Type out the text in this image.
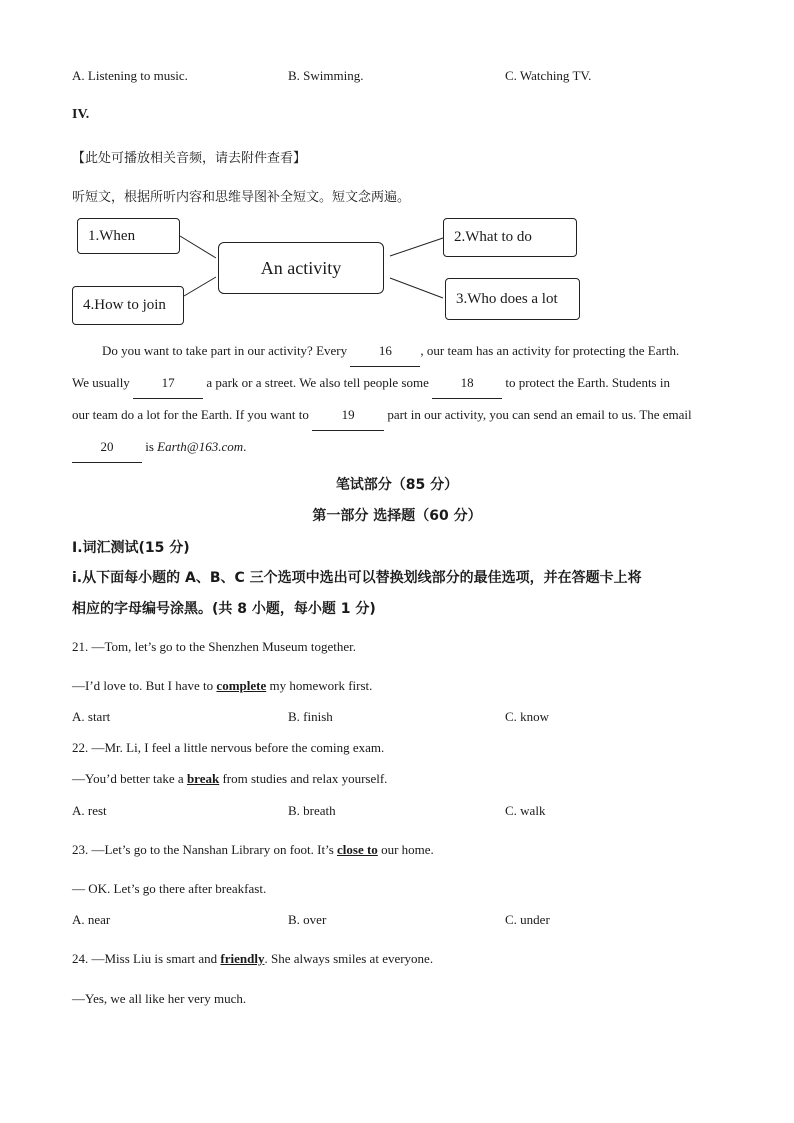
A. Listening to music.	B. Swimming.	C. Watching TV.
IV.
【此处可播放相关音频，请去附件查看】
听短文，根据所听内容和思维导图补全短文。短文念两遍。
1.When
An activity
2.What to do
4.How to join	3.Who does a lot
Do you want to take part in our activity? Every 16 , our team has an activity for protecting the Earth.
We usually 17 a park or a street. We also tell people some 18 to protect the Earth. Students in
our team do a lot for the Earth. If you want to 19 part in our activity, you can send an email to us. The email
20 is Earth@163.com.
笔试部分（85 分）
第一部分 选择题（60 分）
I.词汇测试(15 分)
i.从下面每小题的 A、B、C 三个选项中选出可以替换划线部分的最佳选项，并在答题卡上将
相应的字母编号涂黑。(共 8 小题，每小题 1 分)
21. —Tom, let’s go to the Shenzhen Museum together.
—I’d love to. But I have to complete my homework first.
A. start	B. finish	C. know
22. —Mr. Li, I feel a little nervous before the coming exam.
—You’d better take a break from studies and relax yourself.
A. rest	B. breath	C. walk
23. —Let’s go to the Nanshan Library on foot. It’s close to our home.
— OK. Let’s go there after breakfast.
A. near	B. over	C. under
24. —Miss Liu is smart and friendly. She always smiles at everyone.
—Yes, we all like her very much.
